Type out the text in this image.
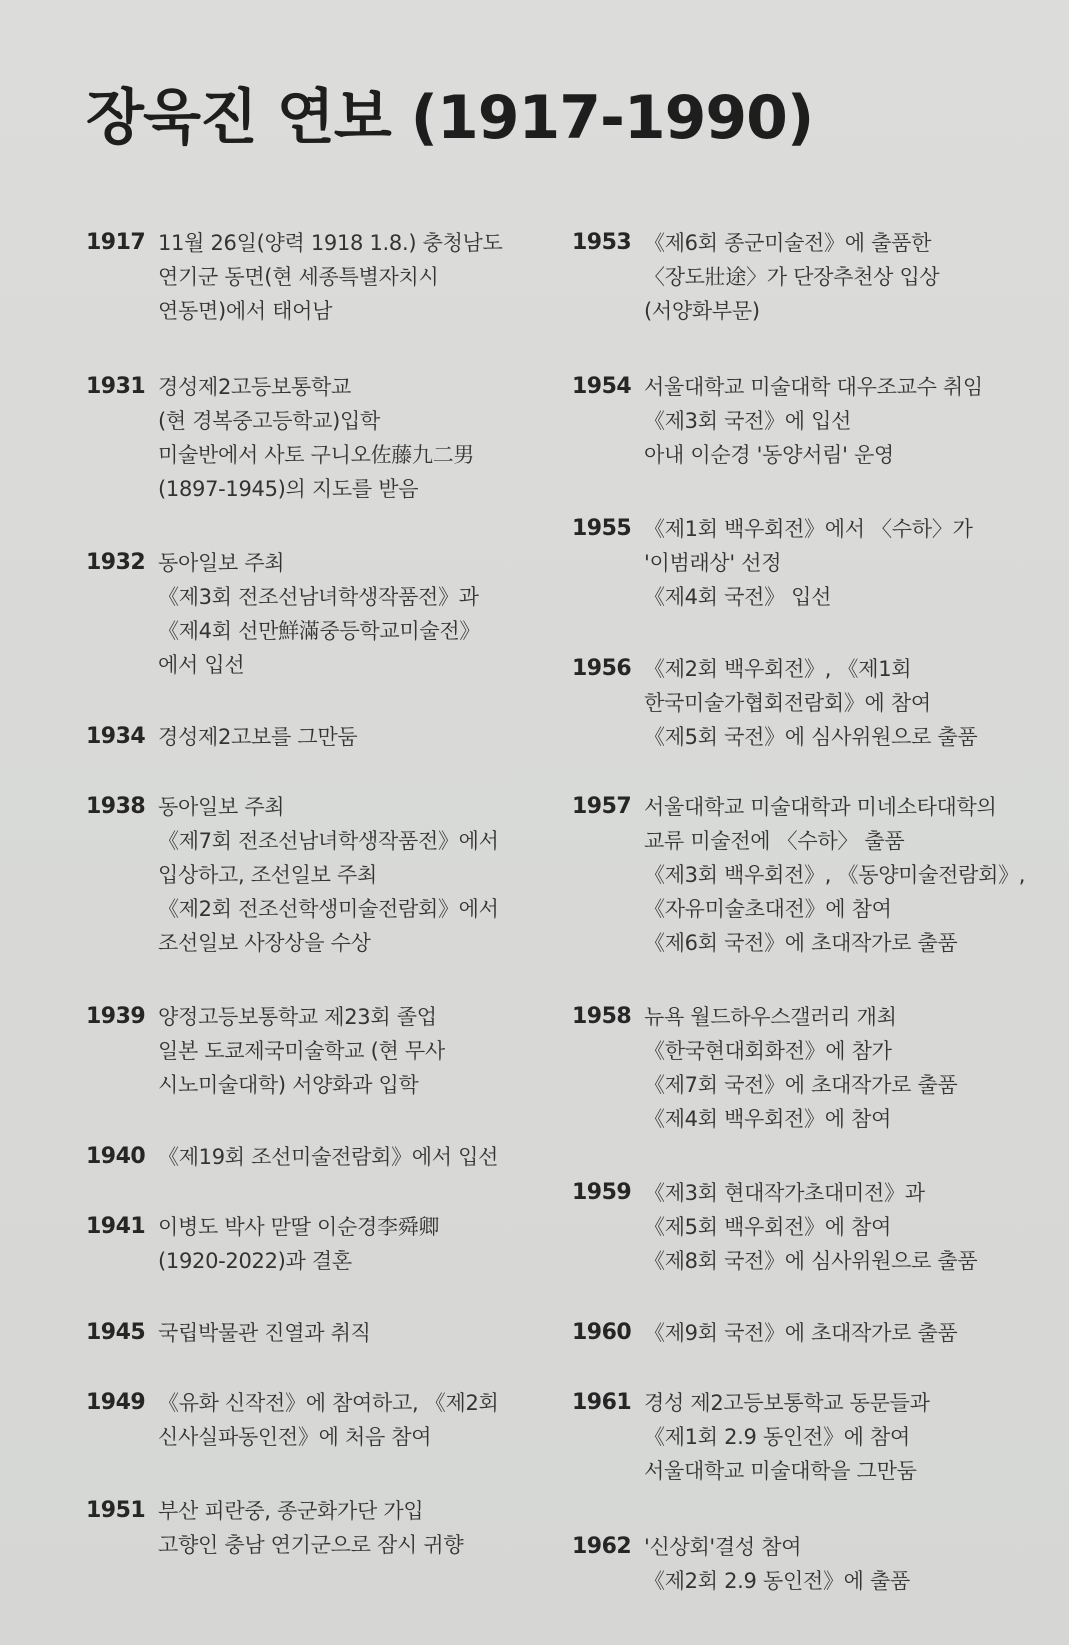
장욱진 연보 (1917-1990)
1917 11월 26일(양력 1918 1.8.) 충청남도
연기군 동면(현 세종특별자치시
연동면)에서 태어남
1931 경성제2고등보통학교
(현 경복중고등학교)입학
미술반에서 사토 구니오佐藤九二男
(1897-1945)의 지도를 받음
1932 동아일보 주최
《제3회 전조선남녀학생작품전》과
《제4회 선만鮮滿중등학교미술전》
에서 입선
1934 경성제2고보를 그만둠
1938 동아일보 주최
《제7회 전조선남녀학생작품전》에서
입상하고, 조선일보 주최
《제2회 전조선학생미술전람회》에서
조선일보 사장상을 수상
1939 양정고등보통학교 제23회 졸업
일본 도쿄제국미술학교 (현 무사
시노미술대학) 서양화과 입학
1940 《제19회 조선미술전람회》에서 입선
1941 이병도 박사 맏딸 이순경李舜卿
(1920-2022)과 결혼
1945 국립박물관 진열과 취직
1949 《유화 신작전》에 참여하고, 《제2회
신사실파동인전》에 처음 참여
1951 부산 피란중, 종군화가단 가입
고향인 충남 연기군으로 잠시 귀향
1953 《제6회 종군미술전》에 출품한
〈장도壯途〉가 단장추천상 입상
(서양화부문)
1954 서울대학교 미술대학 대우조교수 취임
《제3회 국전》에 입선
아내 이순경 '동양서림' 운영
1955 《제1회 백우회전》에서 〈수하〉가
'이범래상' 선정
《제4회 국전》 입선
1956 《제2회 백우회전》, 《제1회
한국미술가협회전람회》에 참여
《제5회 국전》에 심사위원으로 출품
1957 서울대학교 미술대학과 미네소타대학의
교류 미술전에 〈수하〉 출품
《제3회 백우회전》, 《동양미술전람회》,
《자유미술초대전》에 참여
《제6회 국전》에 초대작가로 출품
1958 뉴욕 월드하우스갤러리 개최
《한국현대회화전》에 참가
《제7회 국전》에 초대작가로 출품
《제4회 백우회전》에 참여
1959 《제3회 현대작가초대미전》과
《제5회 백우회전》에 참여
《제8회 국전》에 심사위원으로 출품
1960 《제9회 국전》에 초대작가로 출품
1961 경성 제2고등보통학교 동문들과
《제1회 2.9 동인전》에 참여
서울대학교 미술대학을 그만둠
1962 '신상회'결성 참여
《제2회 2.9 동인전》에 출품
